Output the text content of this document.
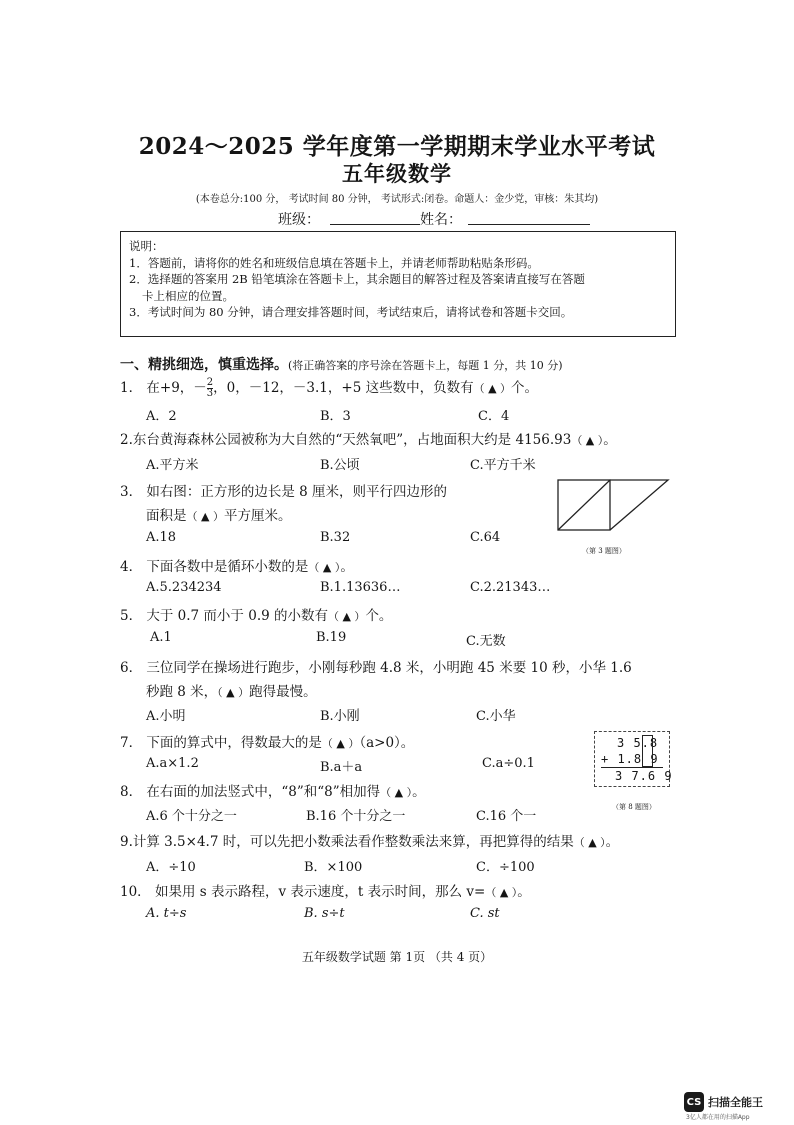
2024～2025 学年度第一学期期末学业水平考试
五年级数学
(本卷总分:100 分， 考试时间 80 分钟， 考试形式:闭卷。命题人：金少党，审核：朱其均)
班级：	姓名：
说明：
1．答题前，请将你的姓名和班级信息填在答题卡上，并请老师帮助粘贴条形码。
2．选择题的答案用 2B 铅笔填涂在答题卡上，其余题目的解答过程及答案请直接写在答题
卡上相应的位置。
3．考试时间为 80 分钟，请合理安排答题时间，考试结束后，请将试卷和答题卡交回。
一、精挑细选，慎重选择。(将正确答案的序号涂在答题卡上，每题 1 分，共 10 分)
1． 在+9，－ $\frac{2}{3}$ ，0，－12，－3.1，+5 这些数中，负数有（ ▲ ）个。
A．2	B．3	C．4
2.东台黄海森林公园被称为大自然的“天然氧吧”，占地面积大约是 4156.93（ ▲ ）。
A.平方米	B.公顷	C.平方千米
3． 如右图：正方形的边长是 8 厘米，则平行四边形的
面积是（ ▲ ）平方厘米。
A.18	B.32	C.64
（第 3 题图）
4． 下面各数中是循环小数的是（ ▲ ）。
A.5.234234	B.1.13636…	C.2.21343…
5． 大于 0.7 而小于 0.9 的小数有（ ▲ ）个。
A.1	B.19	C.无数
6． 三位同学在操场进行跑步，小刚每秒跑 4.8 米，小明跑 45 米要 10 秒，小华 1.6
秒跑 8 米，（ ▲ ）跑得最慢。
A.小明	B.小刚	C.小华
7． 下面的算式中，得数最大的是（ ▲ ）（a>0）。
A.a×1.2	B.a＋a	C.a÷0.1
3 5.8
+ 1.8 9
3 7.6 9
（第 8 题图）
8． 在右面的加法竖式中，“8”和“8”相加得（ ▲ ）。
A.6 个十分之一	B.16 个十分之一	C.16 个一
9.计算 3.5×4.7 时，可以先把小数乘法看作整数乘法来算，再把算得的结果（ ▲ ）。
A．÷10	B．×100	C．÷100
10． 如果用 s 表示路程，v 表示速度，t 表示时间，那么 v=（ ▲ ）。
A. t÷s	B. s÷t	C. st
五年级数学试题 第 1页 （共 4 页）
CS 扫描全能王
3亿人都在用的扫描App
